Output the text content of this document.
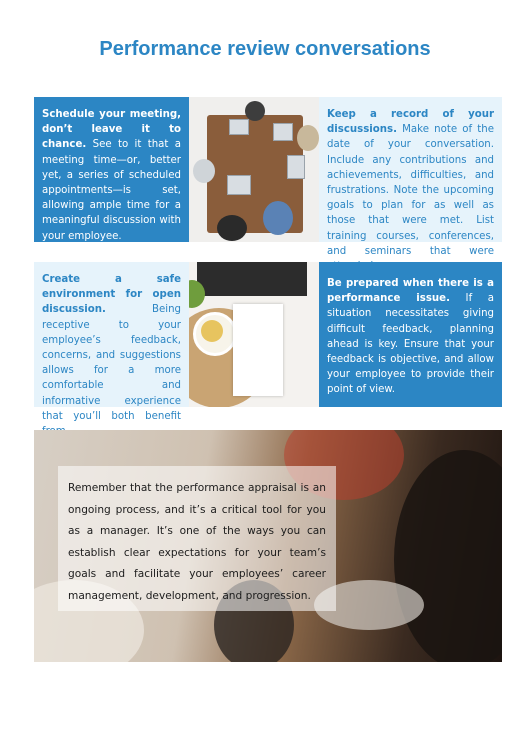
Performance review conversations
Schedule your meeting, don’t leave it to chance. See to it that a meeting time—or, better yet, a series of scheduled appointments—is set, allowing ample time for a meaningful discussion with your employee.
Keep a record of your discussions. Make note of the date of your conversation. Include any contributions and achievements, difficulties, and frustrations. Note the upcoming goals to plan for as well as those that were met. List training courses, conferences, and seminars that were
Create a safe environment for open discussion.	Being receptive to your employee’s feedback, concerns, and suggestions allows for a more comfortable and informative experience that you’ll both benefit
Be prepared when there is a performance issue. If a situation necessitates giving difficult feedback, planning ahead is key. Ensure that your feedback is objective, and allow your employee to provide their point of view.
Remember that the performance appraisal is an ongoing process, and it’s a critical tool for you as a manager. It’s one of the ways you can establish clear expectations for your team’s goals and facilitate your employees’ career management, development, and progression.
